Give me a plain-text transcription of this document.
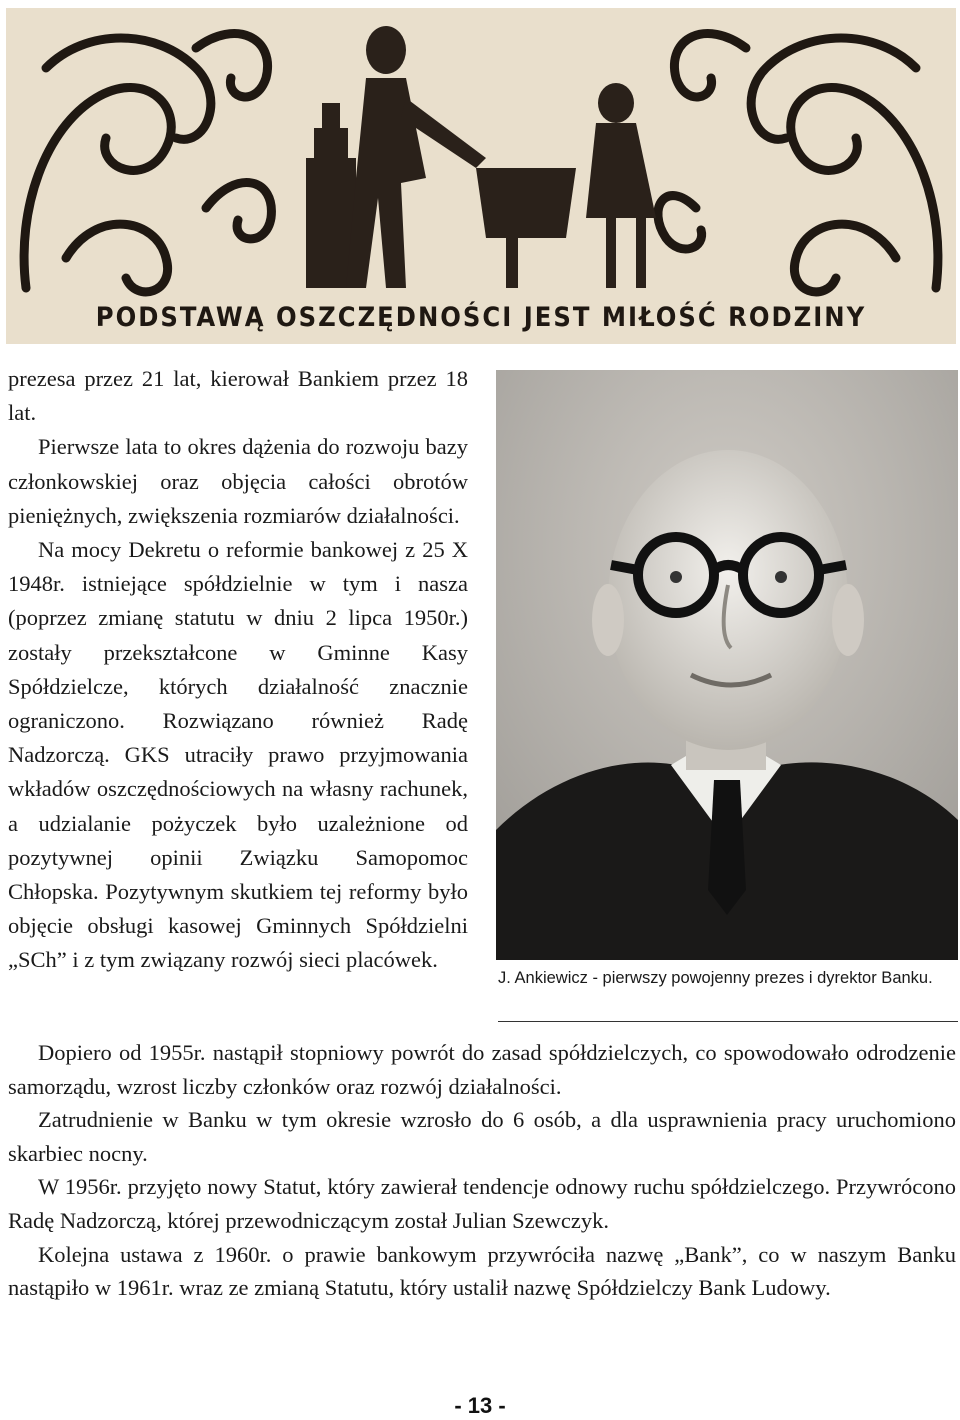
PODSTAWĄ OSZCZĘDNOŚCI JEST MIŁOŚĆ RODZINY

prezesa przez 21 lat, kierował Bankiem przez 18 lat.

Pierwsze lata to okres dążenia do rozwoju bazy członkowskiej oraz objęcia całości obrotów pieniężnych, zwiększenia rozmiarów działalności.

Na mocy Dekretu o reformie bankowej z 25 X 1948r. istniejące spółdzielnie w tym i nasza (poprzez zmianę statutu w dniu 2 lipca 1950r.) zostały przekształcone w Gminne Kasy Spółdzielcze, których działalność znacznie ograniczono. Rozwiązano również Radę Nadzorczą. GKS utraciły prawo przyjmowania wkładów oszczędnościowych na własny rachunek, a udzialanie pożyczek było uzależnione od pozytywnej opinii Związku Samopomoc Chłopska. Pozytywnym skutkiem tej reformy było objęcie obsługi kasowej Gminnych Spółdzielni „SCh” i z tym związany rozwój sieci placówek.

J. Ankiewicz - pierwszy powojenny prezes i dyrektor Banku.

Dopiero od 1955r. nastąpił stopniowy powrót do zasad spółdzielczych, co spowodowało odrodzenie samorządu, wzrost liczby członków oraz rozwój działalności.

Zatrudnienie w Banku w tym okresie wzrosło do 6 osób, a dla usprawnienia pracy uruchomiono skarbiec nocny.

W 1956r. przyjęto nowy Statut, który zawierał tendencje odnowy ruchu spółdzielczego. Przywrócono Radę Nadzorczą, której przewodniczącym został Julian Szewczyk.

Kolejna ustawa z 1960r. o prawie bankowym przywróciła nazwę „Bank”, co w naszym Banku nastąpiło w 1961r. wraz ze zmianą Statutu, który ustalił nazwę Spółdzielczy Bank Ludowy.

- 13 -
